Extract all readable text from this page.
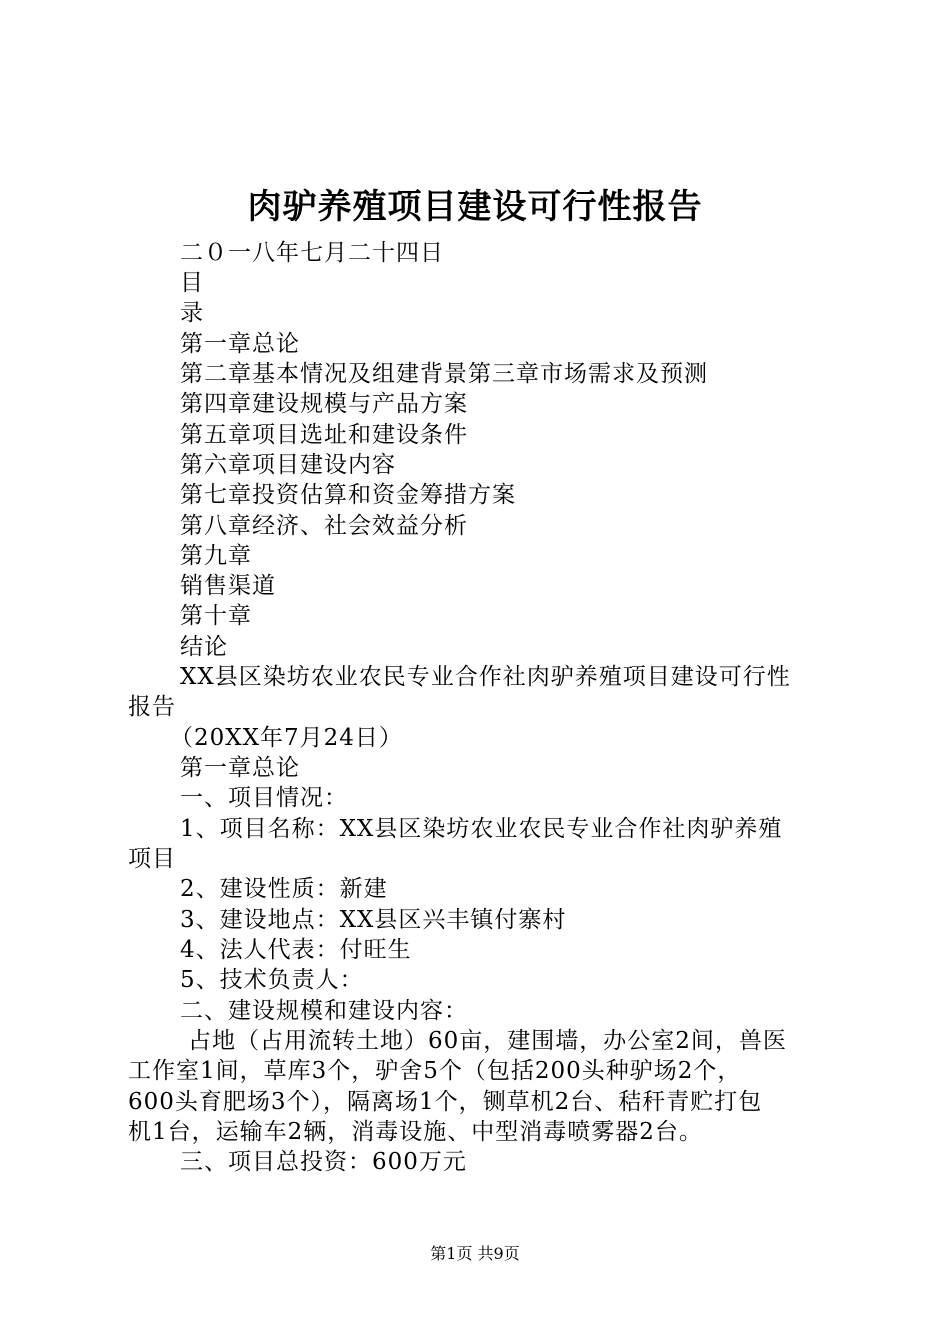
肉驴养殖项目建设可行性报告
二０一八年七月二十四日
目
录
第一章总论
第二章基本情况及组建背景第三章市场需求及预测
第四章建设规模与产品方案
第五章项目选址和建设条件
第六章项目建设内容
第七章投资估算和资金筹措方案
第八章经济、社会效益分析
第九章
销售渠道
第十章
结论
XX县区染坊农业农民专业合作社肉驴养殖项目建设可行性
报告
（20XX年7月24日）
第一章总论
一、项目情况：
1、项目名称：XX县区染坊农业农民专业合作社肉驴养殖
项目
2、建设性质：新建
3、建设地点：XX县区兴丰镇付寨村
4、法人代表：付旺生
5、技术负责人：
二、建设规模和建设内容：
占地（占用流转土地）60亩，建围墙，办公室2间，兽医
工作室1间，草库3个，驴舍5个（包括200头种驴场2个，
600头育肥场3个），隔离场1个，铡草机2台、秸秆青贮打包
机1台，运输车2辆，消毒设施、中型消毒喷雾器2台。
三、项目总投资：600万元
第1页 共9页
